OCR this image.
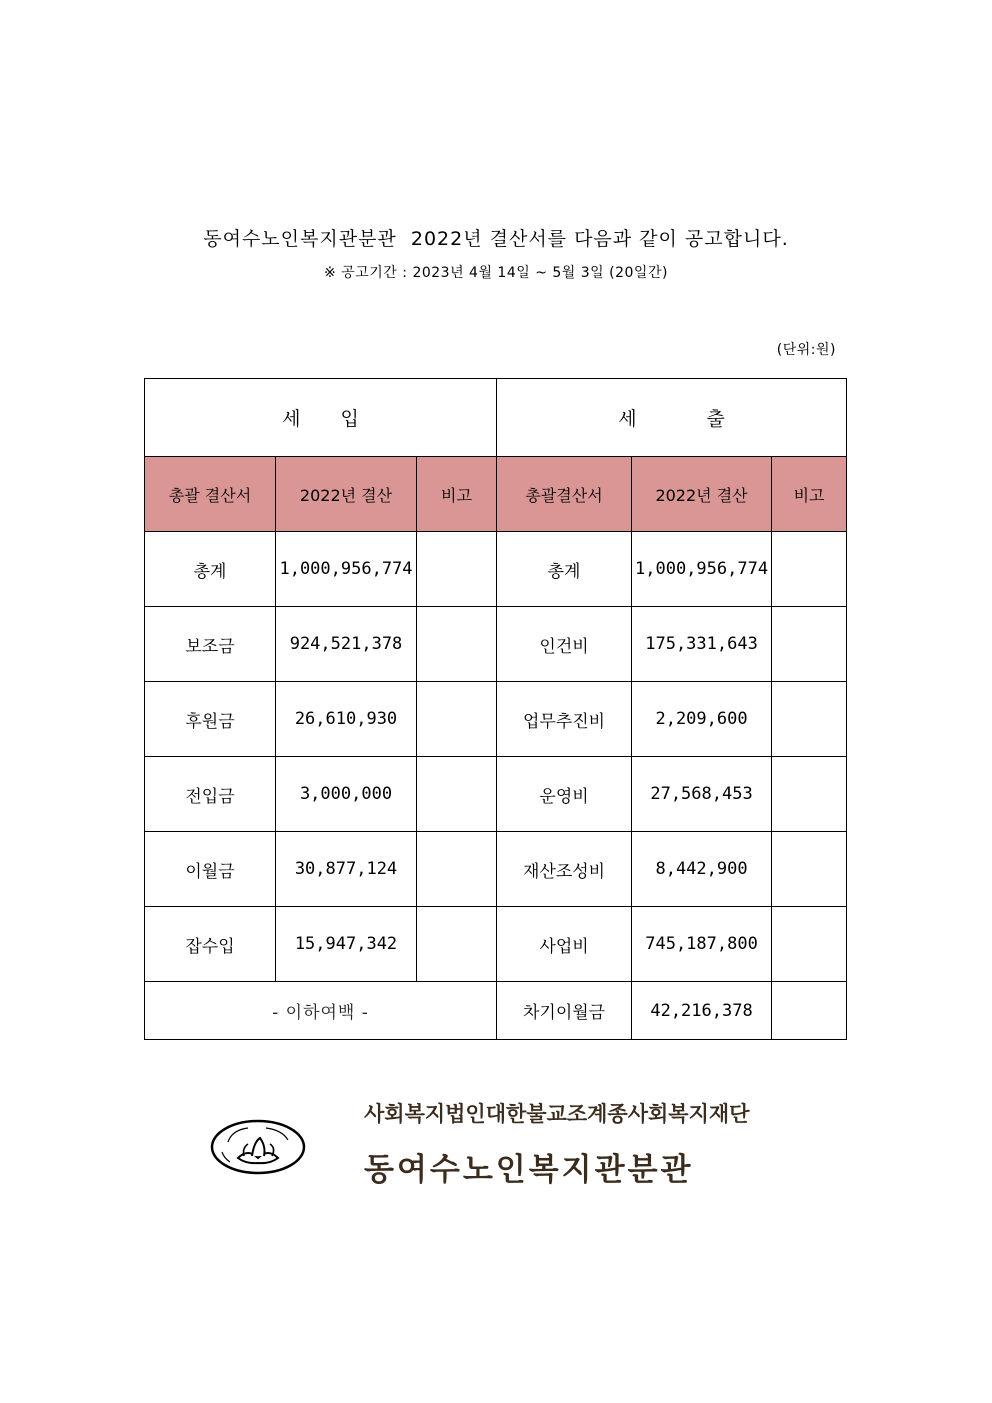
동여수노인복지관분관  2022년 결산서를 다음과 같이 공고합니다.
※ 공고기간 : 2023년 4월 14일 ~ 5월 3일 (20일간)
(단위:원)
세입			세출		
총괄 결산서	2022년 결산	비고	총괄결산서	2022년 결산	비고
총계	1,000,956,774		총계	1,000,956,774	
보조금	924,521,378		인건비	175,331,643	
후원금	26,610,930		업무추진비	2,209,600	
전입금	3,000,000		운영비	27,568,453	
이월금	30,877,124		재산조성비	8,442,900	
잡수입	15,947,342		사업비	745,187,800	
- 이하여백 -			차기이월금	42,216,378	
사회복지법인대한불교조계종사회복지재단
동여수노인복지관분관
